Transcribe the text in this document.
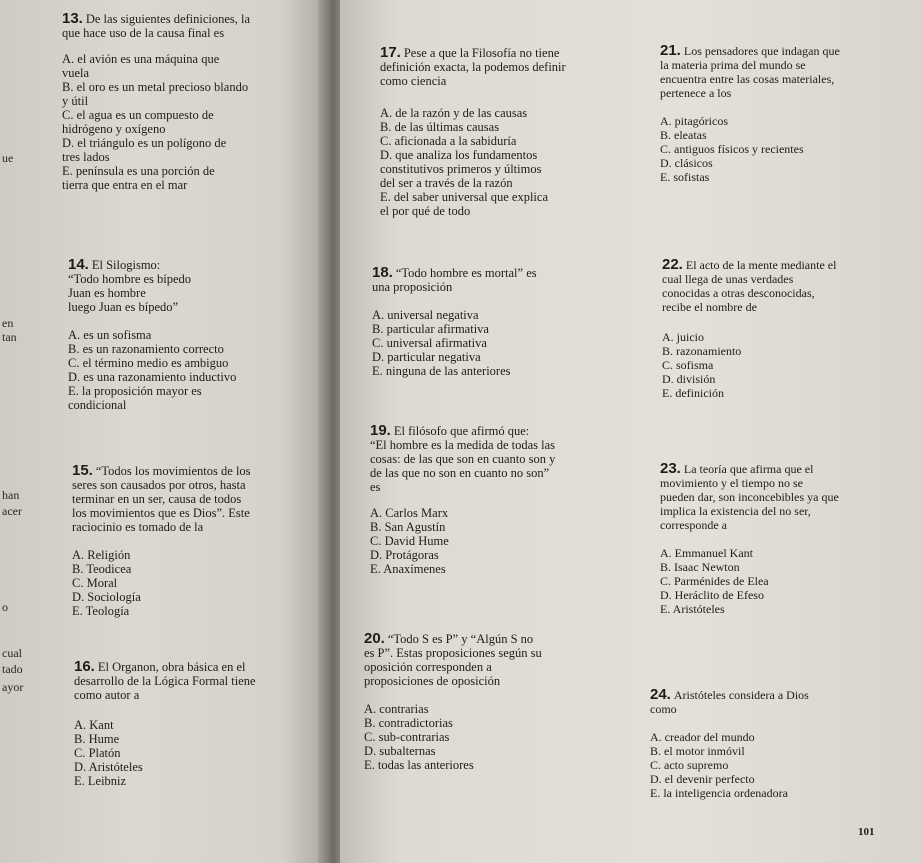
ue
en
tan
han
acer
o
cual
tado
ayor
13. De las siguientes definiciones, la
que hace uso de la causa final es
A. el avión es una máquina que
vuela
B. el oro es un metal precioso blando
y útil
C. el agua es un compuesto de
hidrógeno y oxígeno
D. el triángulo es un polígono de
tres lados
E. península es una porción de
tierra que entra en el mar
14. El Silogismo:
“Todo hombre es bípedo
Juan es hombre
luego Juan es bípedo”
A. es un sofisma
B. es un razonamiento correcto
C. el término medio es ambiguo
D. es una razonamiento inductivo
E. la proposición mayor es
condicional
15. “Todos los movimientos de los
seres son causados por otros, hasta
terminar en un ser, causa de todos
los movimientos que es Dios”. Este
raciocinio es tomado de la
A. Religión
B. Teodicea
C. Moral
D. Sociología
E. Teología
16. El Organon, obra básica en el
desarrollo de la Lógica Formal tiene
como autor a
A. Kant
B. Hume
C. Platón
D. Aristóteles
E. Leibniz
17. Pese a que la Filosofía no tiene
definición exacta, la podemos definir
como ciencia
A. de la razón y de las causas
B. de las últimas causas
C. aficionada a la sabiduría
D. que analiza los fundamentos
constitutivos primeros y últimos
del ser a través de la razón
E. del saber universal que explica
el por qué de todo
18. “Todo hombre es mortal” es
una proposición
A. universal negativa
B. particular afirmativa
C. universal afirmativa
D. particular negativa
E. ninguna de las anteriores
19. El filósofo que afirmó que:
“El hombre es la medida de todas las
cosas: de las que son en cuanto son y
de las que no son en cuanto no son”
es
A. Carlos Marx
B. San Agustín
C. David Hume
D. Protágoras
E. Anaxímenes
20. “Todo S es P” y “Algún S no
es P”. Estas proposiciones según su
oposición corresponden a
proposiciones de oposición
A. contrarias
B. contradictorias
C. sub-contrarias
D. subalternas
E. todas las anteriores
21. Los pensadores que indagan que
la materia prima del mundo se
encuentra entre las cosas materiales,
pertenece a los
A. pitagóricos
B. eleatas
C. antiguos físicos y recientes
D. clásicos
E. sofistas
22. El acto de la mente mediante el
cual llega de unas verdades
conocidas a otras desconocidas,
recibe el nombre de
A. juicio
B. razonamiento
C. sofisma
D. división
E. definición
23. La teoría que afirma que el
movimiento y el tiempo no se
pueden dar, son inconcebibles ya que
implica la existencia del no ser,
corresponde a
A. Emmanuel Kant
B. Isaac Newton
C. Parménides de Elea
D. Heráclito de Efeso
E. Aristóteles
24. Aristóteles considera a Dios
como
A. creador del mundo
B. el motor inmóvil
C. acto supremo
D. el devenir perfecto
E. la inteligencia ordenadora
101
